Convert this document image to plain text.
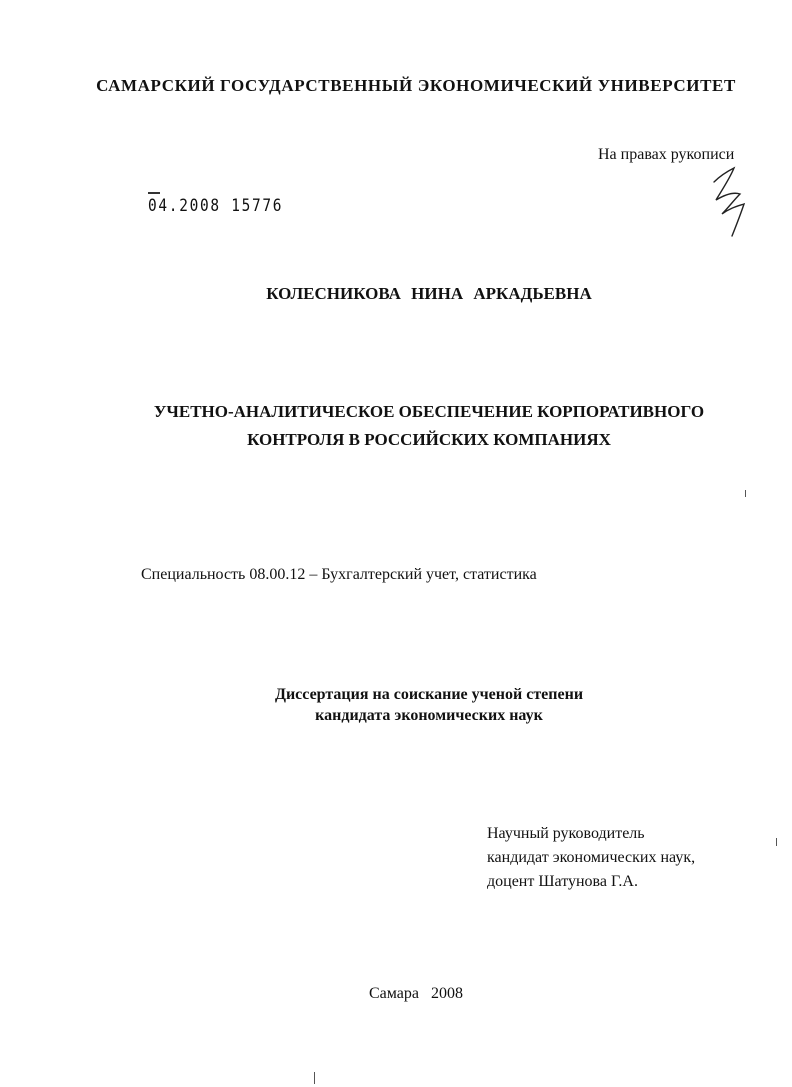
САМАРСКИЙ ГОСУДАРСТВЕННЫЙ ЭКОНОМИЧЕСКИЙ УНИВЕРСИТЕТ
На правах рукописи
04.2008 15776
КОЛЕСНИКОВА НИНА АРКАДЬЕВНА
УЧЕТНО-АНАЛИТИЧЕСКОЕ ОБЕСПЕЧЕНИЕ КОРПОРАТИВНОГО
КОНТРОЛЯ В РОССИЙСКИХ КОМПАНИЯХ
Специальность 08.00.12 – Бухгалтерский учет, статистика
Диссертация на соискание ученой степени
кандидата экономических наук
Научный руководитель
кандидат экономических наук,
доцент Шатунова Г.А.
Самара 2008
